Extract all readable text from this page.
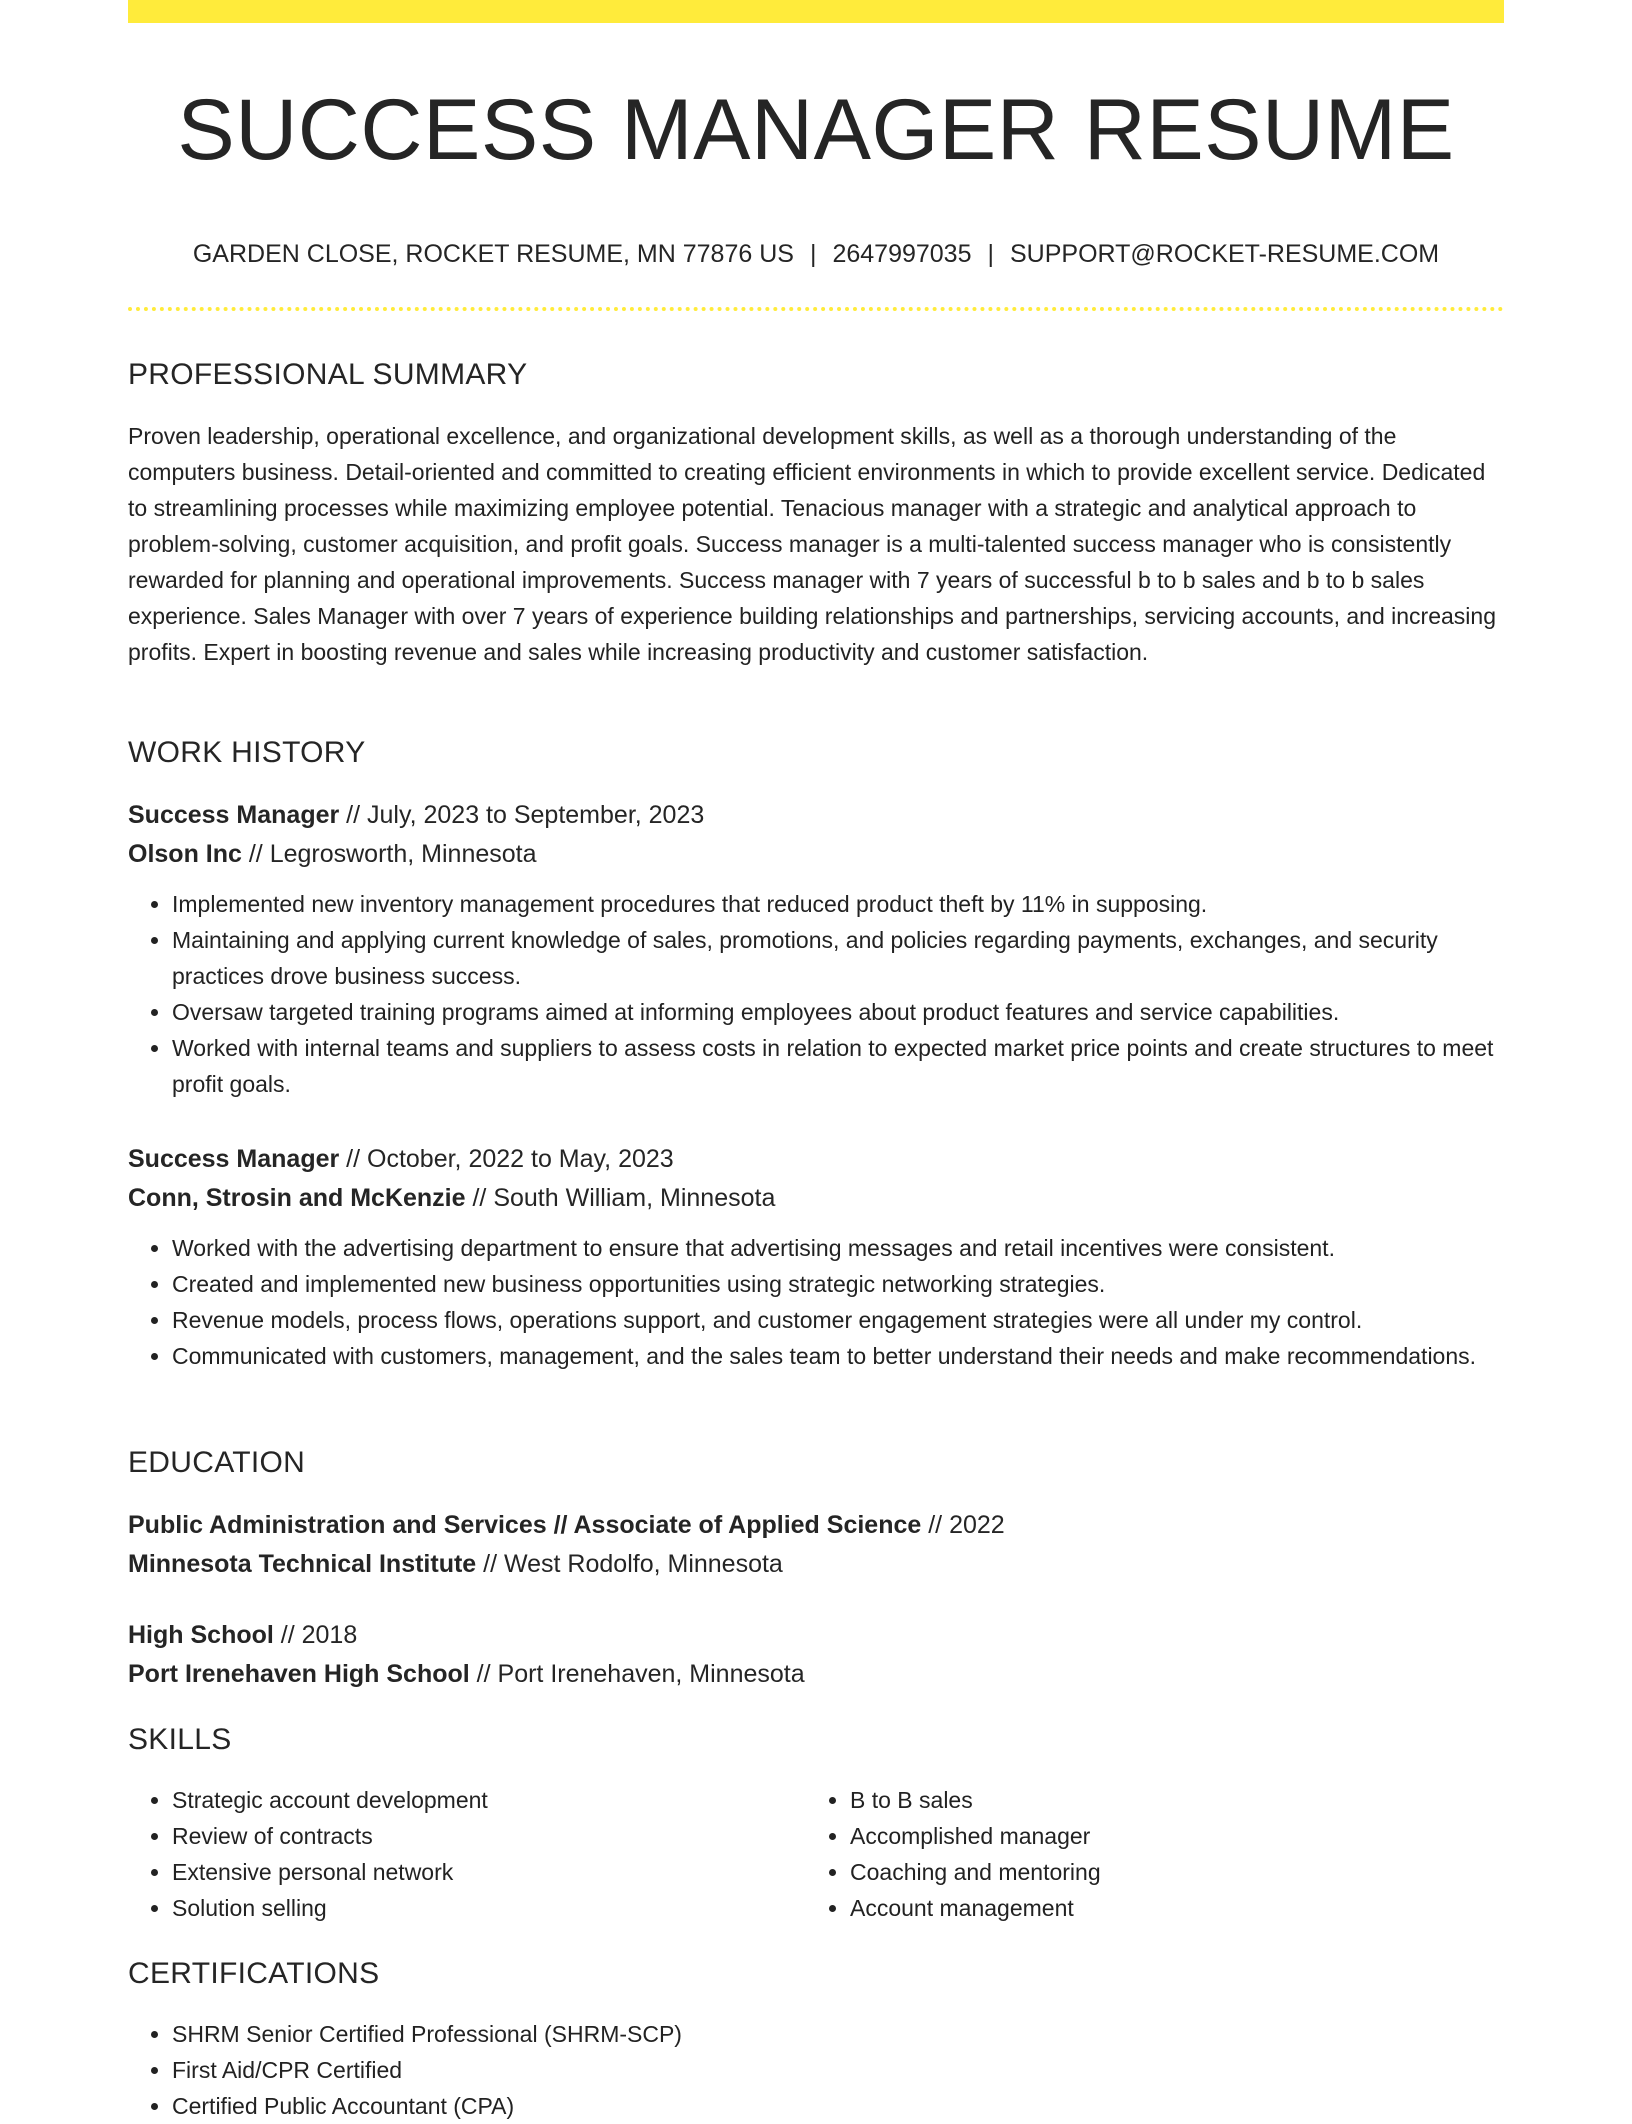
SUCCESS MANAGER RESUME
GARDEN CLOSE, ROCKET RESUME, MN 77876 US | 2647997035 | SUPPORT@ROCKET-RESUME.COM
PROFESSIONAL SUMMARY

Proven leadership, operational excellence, and organizational development skills, as well as a thorough understanding of the computers business. Detail-oriented and committed to creating efficient environments in which to provide excellent service. Dedicated to streamlining processes while maximizing employee potential. Tenacious manager with a strategic and analytical approach to problem-solving, customer acquisition, and profit goals. Success manager is a multi-talented success manager who is consistently rewarded for planning and operational improvements. Success manager with 7 years of successful b to b sales and b to b sales experience. Sales Manager with over 7 years of experience building relationships and partnerships, servicing accounts, and increasing profits. Expert in boosting revenue and sales while increasing productivity and customer satisfaction.

WORK HISTORY
Success Manager // July, 2023 to September, 2023
Olson Inc // Legrosworth, Minnesota
• Implemented new inventory management procedures that reduced product theft by 11% in supposing.
• Maintaining and applying current knowledge of sales, promotions, and policies regarding payments, exchanges, and security practices drove business success.
• Oversaw targeted training programs aimed at informing employees about product features and service capabilities.
• Worked with internal teams and suppliers to assess costs in relation to expected market price points and create structures to meet profit goals.
Success Manager // October, 2022 to May, 2023
Conn, Strosin and McKenzie // South William, Minnesota
• Worked with the advertising department to ensure that advertising messages and retail incentives were consistent.
• Created and implemented new business opportunities using strategic networking strategies.
• Revenue models, process flows, operations support, and customer engagement strategies were all under my control.
• Communicated with customers, management, and the sales team to better understand their needs and make recommendations.
EDUCATION
Public Administration and Services // Associate of Applied Science // 2022
Minnesota Technical Institute // West Rodolfo, Minnesota
High School // 2018
Port Irenehaven High School // Port Irenehaven, Minnesota
SKILLS
• Strategic account development
• Review of contracts
• Extensive personal network
• Solution selling
• B to B sales
• Accomplished manager
• Coaching and mentoring
• Account management
CERTIFICATIONS
• SHRM Senior Certified Professional (SHRM-SCP)
• First Aid/CPR Certified
• Certified Public Accountant (CPA)
